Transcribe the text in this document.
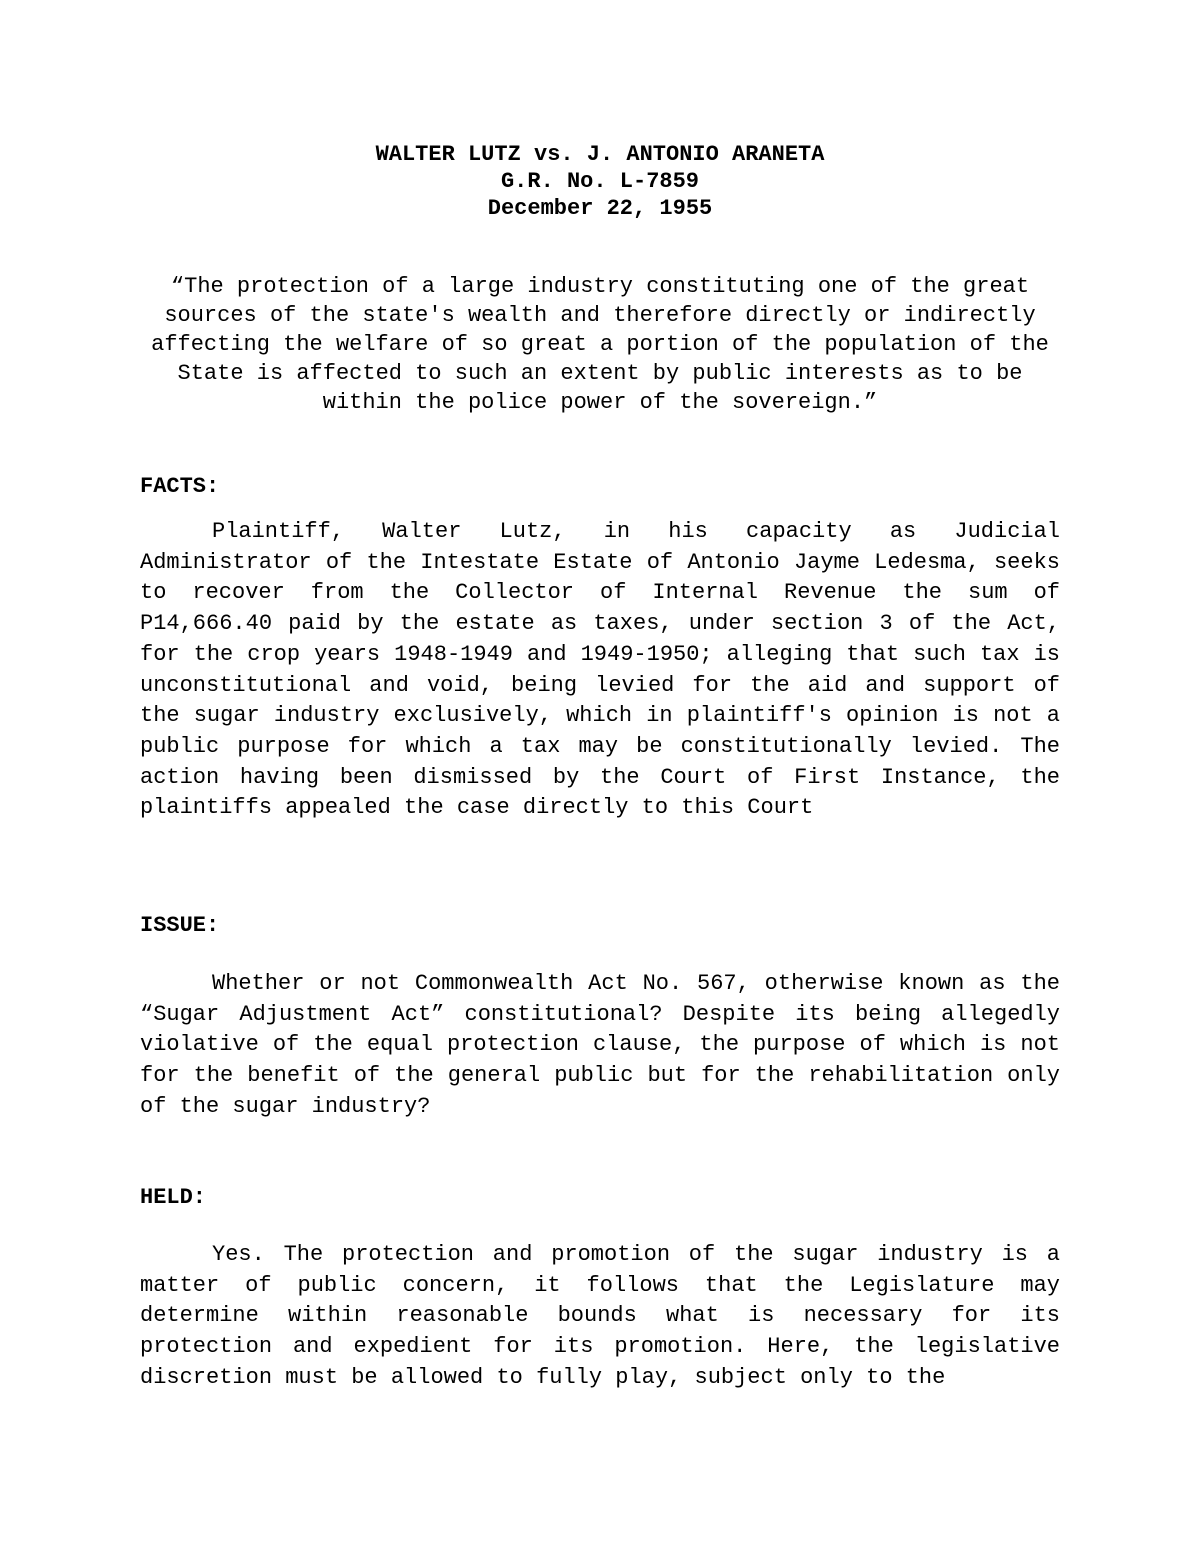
WALTER LUTZ vs. J. ANTONIO ARANETA
G.R. No. L-7859
December 22, 1955
“The protection of a large industry constituting one of the great sources of the state's wealth and therefore directly or indirectly affecting the welfare of so great a portion of the population of the State is affected to such an extent by public interests as to be within the police power of the sovereign.”
FACTS:
Plaintiff, Walter Lutz, in his capacity as Judicial Administrator of the Intestate Estate of Antonio Jayme Ledesma, seeks to recover from the Collector of Internal Revenue the sum of P14,666.40 paid by the estate as taxes, under section 3 of the Act, for the crop years 1948-1949 and 1949-1950; alleging that such tax is unconstitutional and void, being levied for the aid and support of the sugar industry exclusively, which in plaintiff's opinion is not a public purpose for which a tax may be constitutionally levied. The action having been dismissed by the Court of First Instance, the plaintiffs appealed the case directly to this Court
ISSUE:
Whether or not Commonwealth Act No. 567, otherwise known as the “Sugar Adjustment Act” constitutional? Despite its being allegedly violative of the equal protection clause, the purpose of which is not for the benefit of the general public but for the rehabilitation only of the sugar industry?
HELD:
Yes. The protection and promotion of the sugar industry is a matter of public concern, it follows that the Legislature may determine within reasonable bounds what is necessary for its protection and expedient for its promotion. Here, the legislative discretion must be allowed to fully play, subject only to the
